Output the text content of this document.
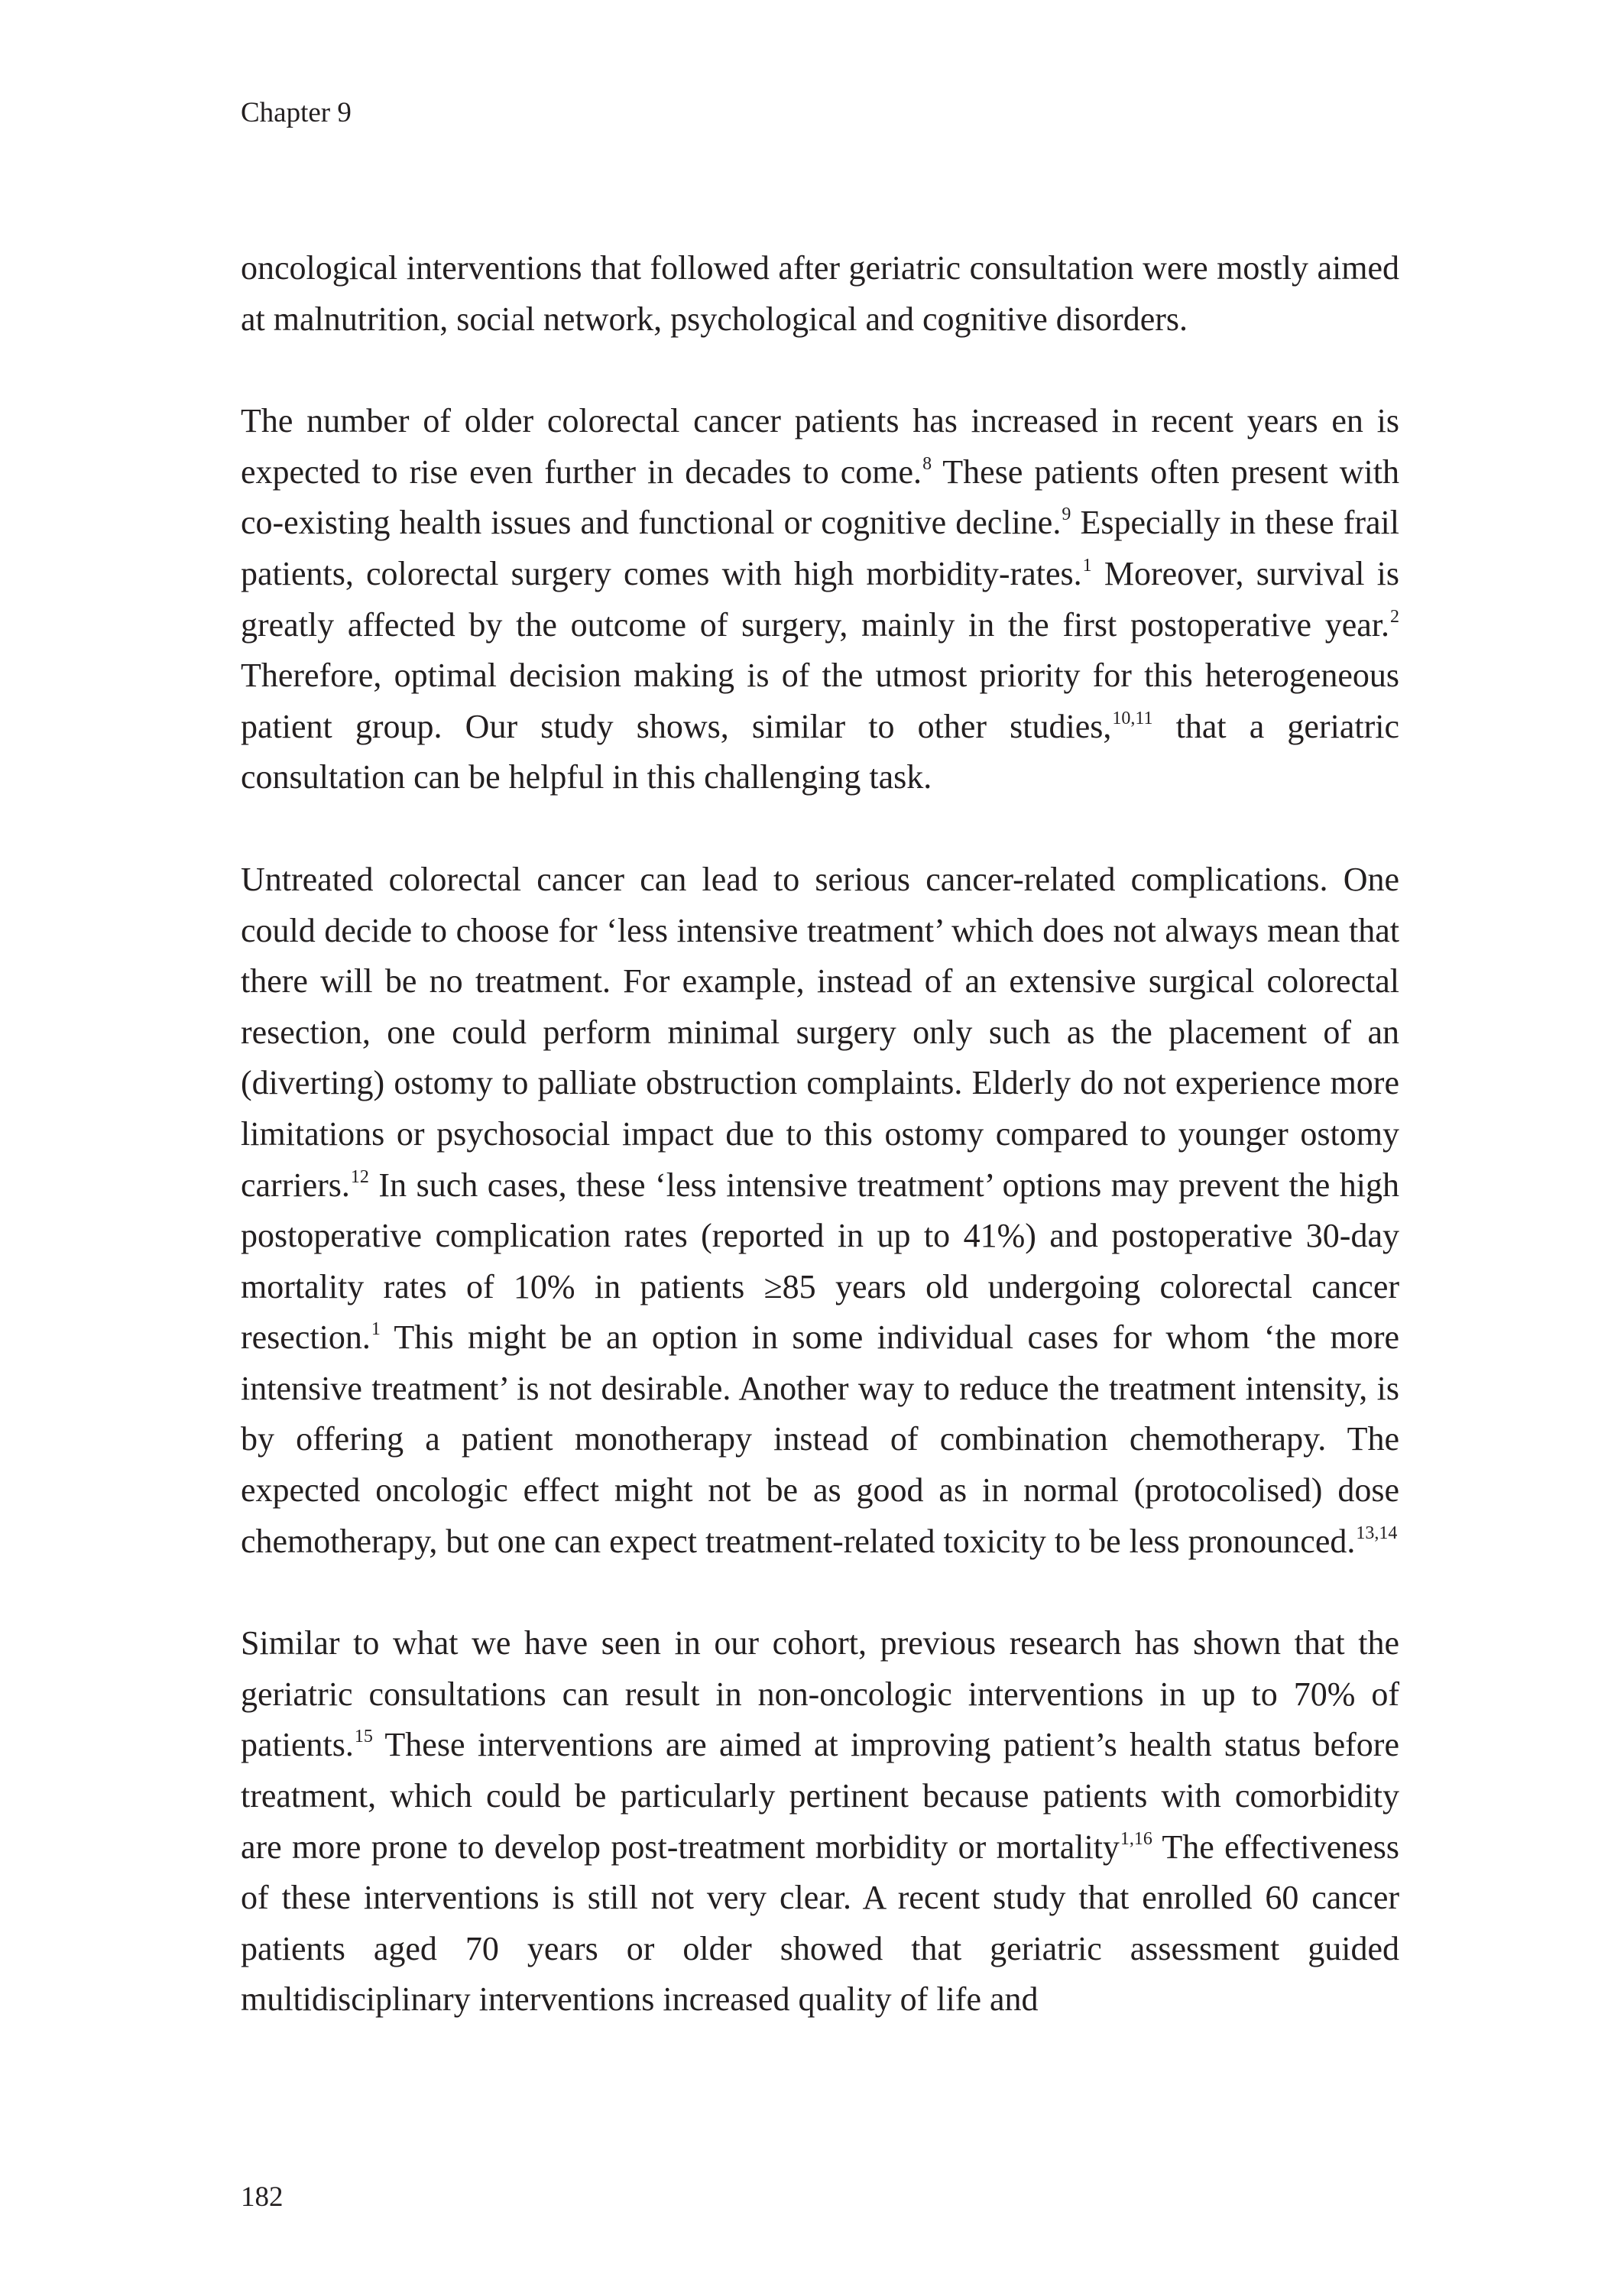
Chapter 9

oncological interventions that followed after geriatric consultation were mostly aimed at malnutrition, social network, psychological and cognitive disorders.

The number of older colorectal cancer patients has increased in recent years en is expected to rise even further in decades to come.$^8$ These patients often present with co-existing health issues and functional or cognitive decline.$^9$ Especially in these frail patients, colorectal surgery comes with high morbidity-rates.$^1$ Moreover, survival is greatly affected by the outcome of surgery, mainly in the first postoperative year.$^2$ Therefore, optimal decision making is of the utmost priority for this heterogeneous patient group. Our study shows, similar to other studies,$^{10,11}$ that a geriatric consultation can be helpful in this challenging task.

Untreated colorectal cancer can lead to serious cancer-related complications. One could decide to choose for ‘less intensive treatment’ which does not always mean that there will be no treatment. For example, instead of an extensive surgical colorectal resection, one could perform minimal surgery only such as the placement of an (diverting) ostomy to palliate obstruction complaints. Elderly do not experience more limitations or psychosocial impact due to this ostomy compared to younger ostomy carriers.$^{12}$ In such cases, these ‘less intensive treatment’ options may prevent the high postoperative complication rates (reported in up to 41%) and postoperative 30-day mortality rates of 10% in patients ≥85 years old undergoing colorectal cancer resection.$^1$ This might be an option in some individual cases for whom ‘the more intensive treatment’ is not desirable. Another way to reduce the treatment intensity, is by offering a patient monotherapy instead of combination chemotherapy. The expected oncologic effect might not be as good as in normal (protocolised) dose chemotherapy, but one can expect treatment-related toxicity to be less pronounced.$^{13,14}$

Similar to what we have seen in our cohort, previous research has shown that the geriatric consultations can result in non-oncologic interventions in up to 70% of patients.$^{15}$ These interventions are aimed at improving patient’s health status before treatment, which could be particularly pertinent because patients with comorbidity are more prone to develop post-treatment morbidity or mortality$^{1,16}$ The effectiveness of these interventions is still not very clear. A recent study that enrolled 60 cancer patients aged 70 years or older showed that geriatric assessment guided multidisciplinary interventions increased quality of life and

182
